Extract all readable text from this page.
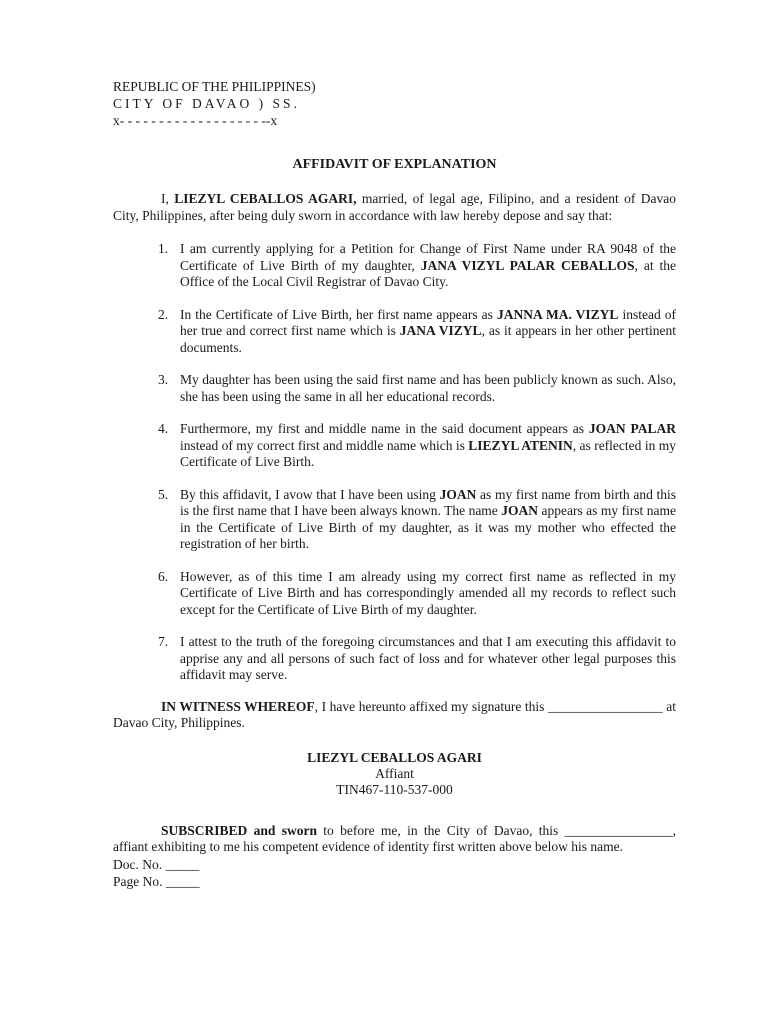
REPUBLIC OF THE PHILIPPINES)
CITY OF DAVAO ) SS.
x- - - - - - - - - - - - - - - - - - --x
AFFIDAVIT OF EXPLANATION

I, LIEZYL CEBALLOS AGARI, married, of legal age, Filipino, and a resident of Davao City, Philippines, after being duly sworn in accordance with law hereby depose and say that:

1. I am currently applying for a Petition for Change of First Name under RA 9048 of the Certificate of Live Birth of my daughter, JANA VIZYL PALAR CEBALLOS, at the Office of the Local Civil Registrar of Davao City.
2. In the Certificate of Live Birth, her first name appears as JANNA MA. VIZYL instead of her true and correct first name which is JANA VIZYL, as it appears in her other pertinent documents.
3. My daughter has been using the said first name and has been publicly known as such. Also, she has been using the same in all her educational records.
4. Furthermore, my first and middle name in the said document appears as JOAN PALAR instead of my correct first and middle name which is LIEZYL ATENIN, as reflected in my Certificate of Live Birth.
5. By this affidavit, I avow that I have been using JOAN as my first name from birth and this is the first name that I have been always known. The name JOAN appears as my first name in the Certificate of Live Birth of my daughter, as it was my mother who effected the registration of her birth.
6. However, as of this time I am already using my correct first name as reflected in my Certificate of Live Birth and has correspondingly amended all my records to reflect such except for the Certificate of Live Birth of my daughter.
7. I attest to the truth of the foregoing circumstances and that I am executing this affidavit to apprise any and all persons of such fact of loss and for whatever other legal purposes this affidavit may serve.

IN WITNESS WHEREOF, I have hereunto affixed my signature this _________________ at Davao City, Philippines.

LIEZYL CEBALLOS AGARI
Affiant
TIN467-110-537-000

SUBSCRIBED and sworn to before me, in the City of Davao, this ________________, affiant exhibiting to me his competent evidence of identity first written above below his name.

Doc. No. _____
Page No. _____
